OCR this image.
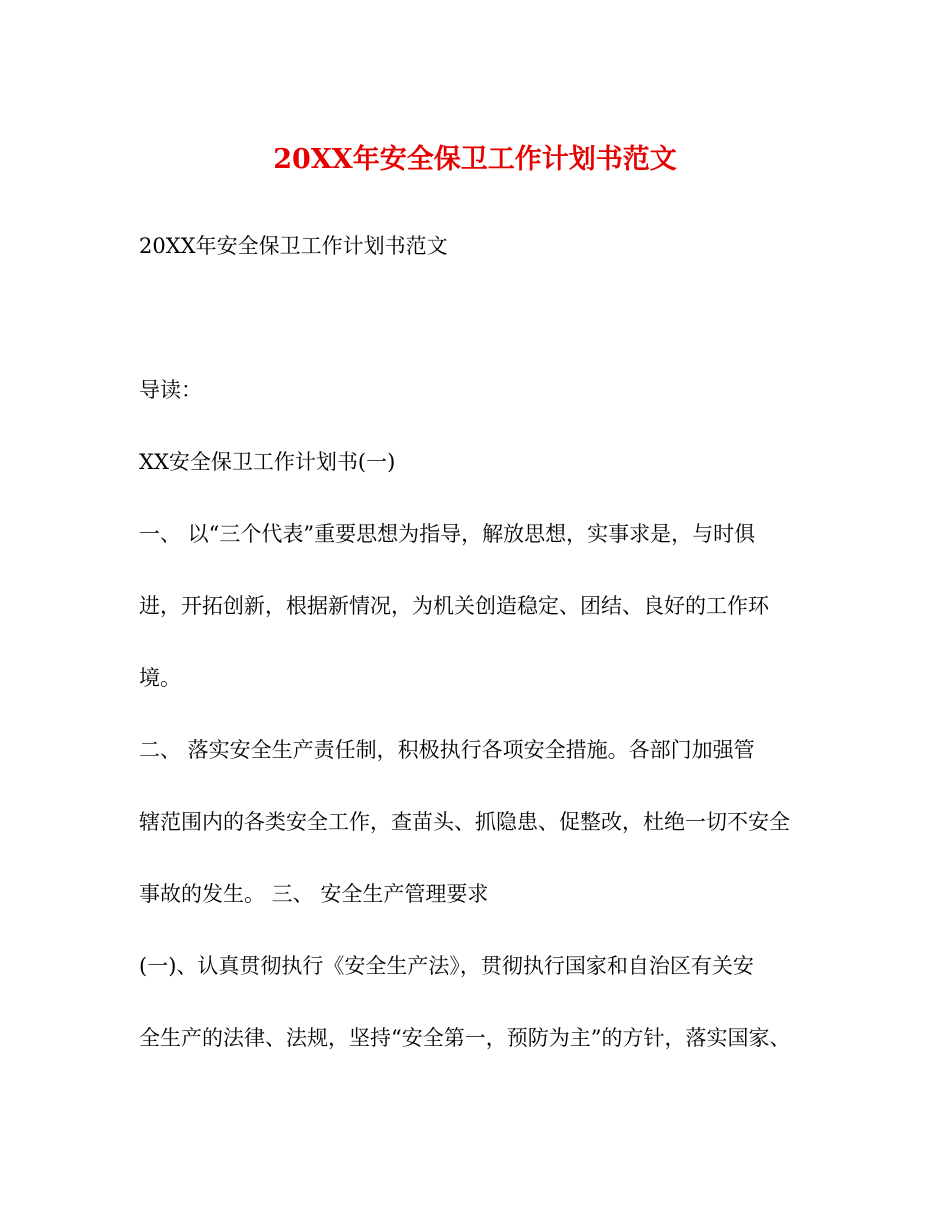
20XX年安全保卫工作计划书范文

20XX年安全保卫工作计划书范文

导读：

XX安全保卫工作计划书(一)

一、 以“三个代表”重要思想为指导，解放思想，实事求是，与时俱

进，开拓创新，根据新情况，为机关创造稳定、团结、良好的工作环

境。

二、 落实安全生产责任制，积极执行各项安全措施。各部门加强管

辖范围内的各类安全工作，查苗头、抓隐患、促整改，杜绝一切不安全

事故的发生。 三、 安全生产管理要求

(一)、认真贯彻执行《安全生产法》，贯彻执行国家和自治区有关安

全生产的法律、法规，坚持“安全第一，预防为主”的方针，落实国家、
